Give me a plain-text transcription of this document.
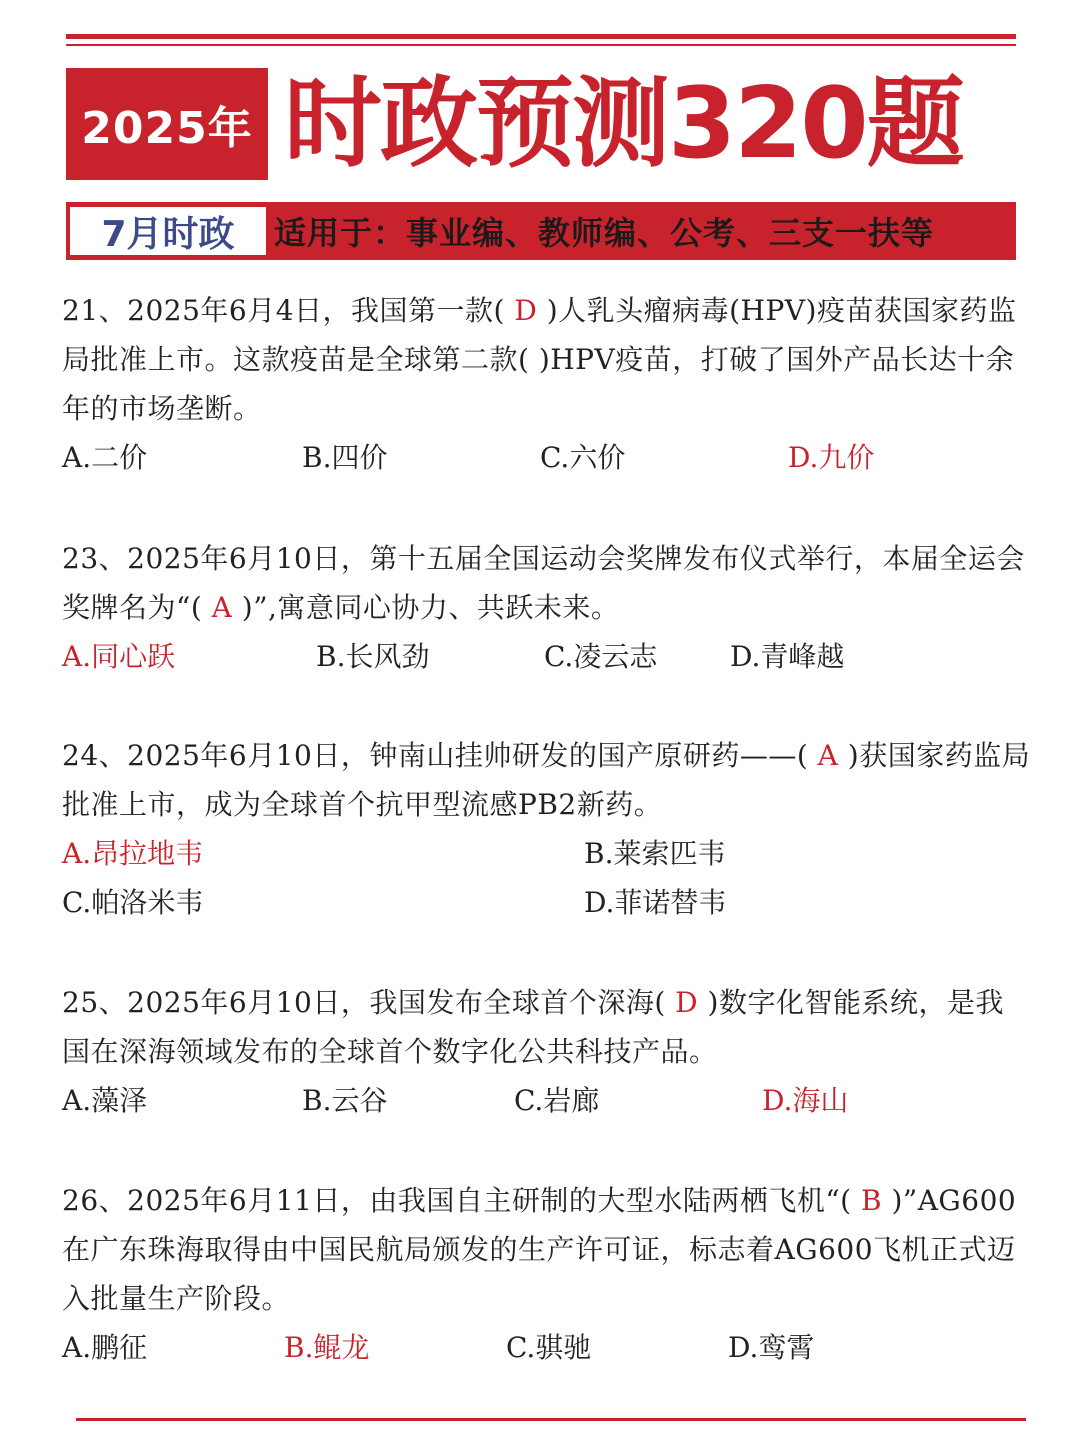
2025年 时政预测320题
7月时政	适用于：事业编、教师编、公考、三支一扶等
21、2025年6月4日，我国第一款( D )人乳头瘤病毒(HPV)疫苗获国家药监局批准上市。这款疫苗是全球第二款( )HPV疫苗，打破了国外产品长达十余年的市场垄断。
A.二价	B.四价	C.六价	D.九价
23、2025年6月10日，第十五届全国运动会奖牌发布仪式举行，本届全运会奖牌名为“( A )”,寓意同心协力、共跃未来。
A.同心跃	B.长风劲	C.凌云志	D.青峰越
24、2025年6月10日，钟南山挂帅研发的国产原研药——( A )获国家药监局批准上市，成为全球首个抗甲型流感PB2新药。
A.昂拉地韦	B.莱索匹韦
C.帕洛米韦	D.菲诺替韦
25、2025年6月10日，我国发布全球首个深海( D )数字化智能系统，是我国在深海领域发布的全球首个数字化公共科技产品。
A.藻泽	B.云谷	C.岩廊	D.海山
26、2025年6月11日，由我国自主研制的大型水陆两栖飞机“( B )”AG600在广东珠海取得由中国民航局颁发的生产许可证，标志着AG600飞机正式迈入批量生产阶段。
A.鹏征	B.鲲龙	C.骐驰	D.鸾霄
